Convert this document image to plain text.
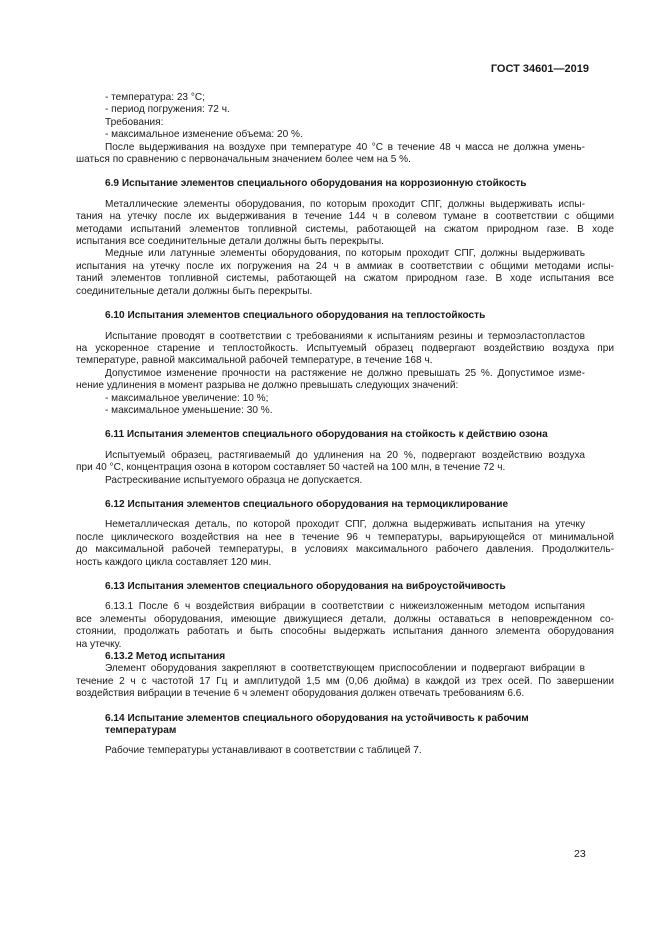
ГОСТ 34601—2019
- температура: 23 °С;
- период погружения: 72 ч.
Требования:
- максимальное изменение объема: 20 %.
После выдерживания на воздухе при температуре 40 °С в течение 48 ч масса не должна умень-
шаться по сравнению с первоначальным значением более чем на 5 %.
6.9 Испытание элементов специального оборудования на коррозионную стойкость
Металлические элементы оборудования, по которым проходит СПГ, должны выдерживать испы-
тания на утечку после их выдерживания в течение 144 ч в солевом тумане в соответствии с общими
методами испытаний элементов топливной системы, работающей на сжатом природном газе. В ходе
испытания все соединительные детали должны быть перекрыты.
Медные или латунные элементы оборудования, по которым проходит СПГ, должны выдерживать
испытания на утечку после их погружения на 24 ч в аммиак в соответствии с общими методами испы-
таний элементов топливной системы, работающей на сжатом природном газе. В ходе испытания все
соединительные детали должны быть перекрыты.
6.10 Испытания элементов специального оборудования на теплостойкость
Испытание проводят в соответствии с требованиями к испытаниям резины и термоэластопластов
на ускоренное старение и теплостойкость. Испытуемый образец подвергают воздействию воздуха при
температуре, равной максимальной рабочей температуре, в течение 168 ч.
Допустимое изменение прочности на растяжение не должно превышать 25 %. Допустимое изме-
нение удлинения в момент разрыва не должно превышать следующих значений:
- максимальное увеличение: 10 %;
- максимальное уменьшение: 30 %.
6.11 Испытания элементов специального оборудования на стойкость к действию озона
Испытуемый образец, растягиваемый до удлинения на 20 %, подвергают воздействию воздуха
при 40 °С, концентрация озона в котором составляет 50 частей на 100 млн, в течение 72 ч.
Растрескивание испытуемого образца не допускается.
6.12 Испытания элементов специального оборудования на термоциклирование
Неметаллическая деталь, по которой проходит СПГ, должна выдерживать испытания на утечку
после циклического воздействия на нее в течение 96 ч температуры, варьирующейся от минимальной
до максимальной рабочей температуры, в условиях максимального рабочего давления. Продолжитель-
ность каждого цикла составляет 120 мин.
6.13 Испытания элементов специального оборудования на виброустойчивость
6.13.1 После 6 ч воздействия вибрации в соответствии с нижеизложенным методом испытания
все элементы оборудования, имеющие движущиеся детали, должны оставаться в неповрежденном со-
стоянии, продолжать работать и быть способны выдержать испытания данного элемента оборудования
на утечку.
6.13.2 Метод испытания
Элемент оборудования закрепляют в соответствующем приспособлении и подвергают вибрации в
течение 2 ч с частотой 17 Гц и амплитудой 1,5 мм (0,06 дюйма) в каждой из трех осей. По завершении
воздействия вибрации в течение 6 ч элемент оборудования должен отвечать требованиям 6.6.
6.14 Испытание элементов специального оборудования на устойчивость к рабочим
температурам
Рабочие температуры устанавливают в соответствии с таблицей 7.
23
